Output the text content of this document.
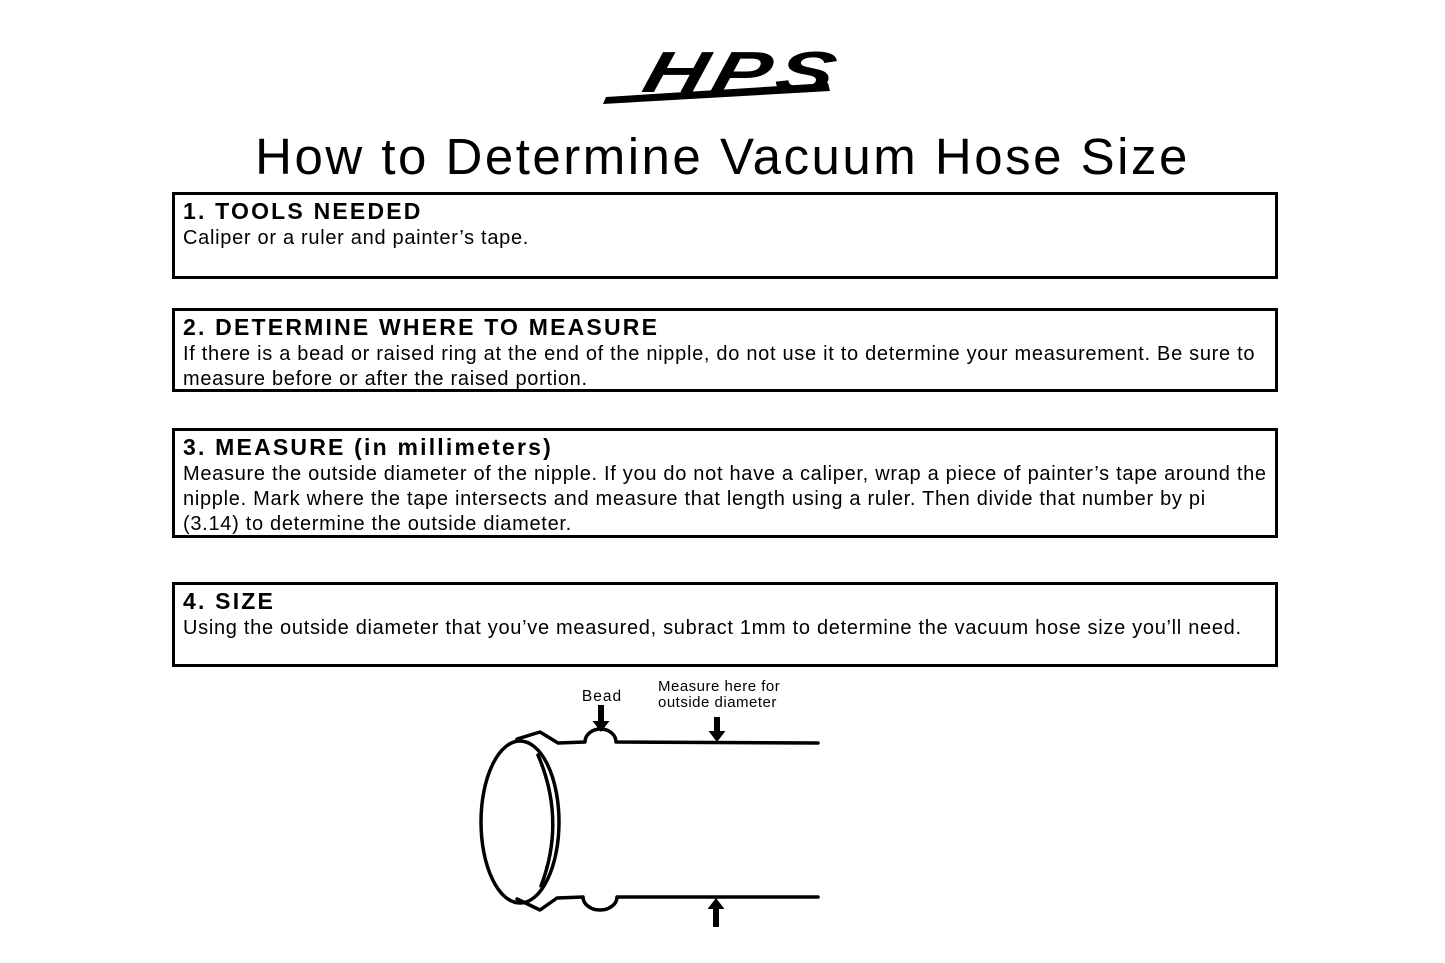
HPS
How to Determine Vacuum Hose Size
1. TOOLS NEEDED

Caliper or a ruler and painter’s tape.

2. DETERMINE WHERE TO MEASURE

If there is a bead or raised ring at the end of the nipple, do not use it to determine your measurement. Be sure to measure before or after the raised portion.

3. MEASURE (in millimeters)

Measure the outside diameter of the nipple. If you do not have a caliper, wrap a piece of painter’s tape around the nipple. Mark where the tape intersects and measure that length using a ruler. Then divide that number by pi (3.14) to determine the outside diameter.

4. SIZE

Using the outside diameter that you’ve measured, subract 1mm to determine the vacuum hose size you’ll need.

Bead
Measure here for
outside diameter
